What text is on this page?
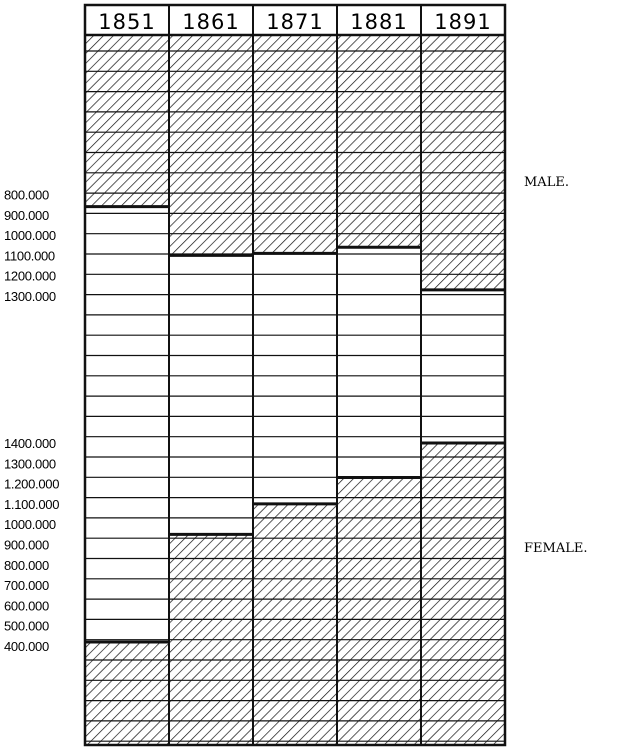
1851 1861 1871 1881 1891
800.000
900.000
1000.000
1100.000
1200.000
1300.000
1400.000
1300.000
1.200.000
1.100.000
1000.000
900.000
800.000
700.000
600.000
500.000
400.000
MALE.
FEMALE.
